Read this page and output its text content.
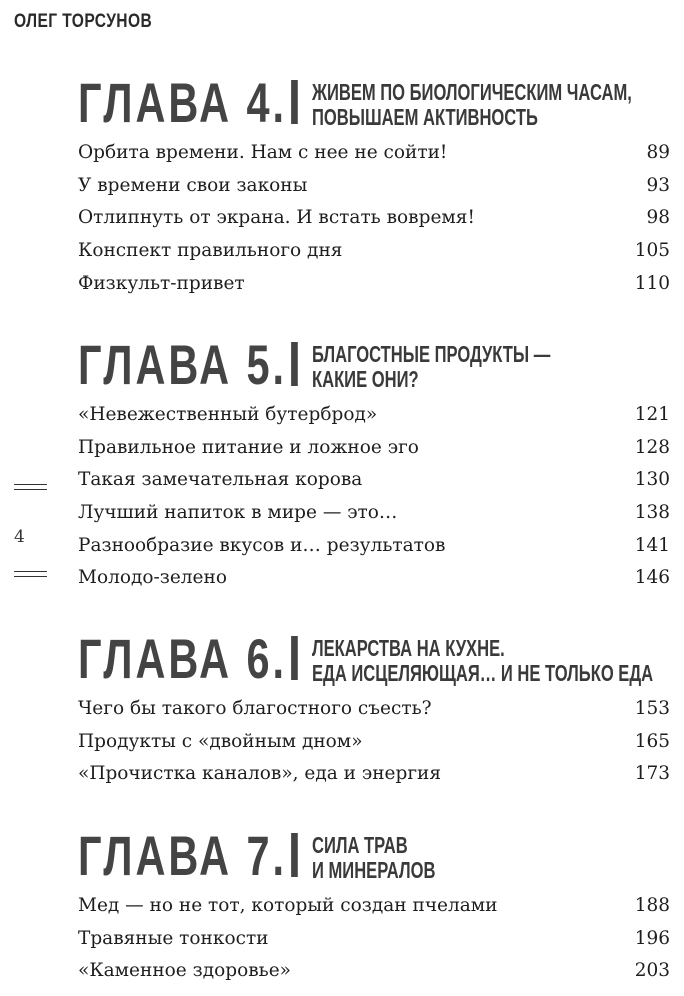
ОЛЕГ ТОРСУНОВ
ГЛАВА 4.	ЖИВЕМ ПО БИОЛОГИЧЕСКИМ ЧАСАМ,
ПОВЫШАЕМ АКТИВНОСТЬ
Орбита времени. Нам с нее не сойти!	89
У времени свои законы	93
Отлипнуть от экрана. И встать вовремя!	98
Конспект правильного дня	105
Физкульт-привет	110
ГЛАВА 5.	БЛАГОСТНЫЕ ПРОДУКТЫ —
КАКИЕ ОНИ?
«Невежественный бутерброд»	121
Правильное питание и ложное эго	128
Такая замечательная корова	130
Лучший напиток в мире — это…	138
Разнообразие вкусов и… результатов	141
Молодо-зелено	146
ГЛАВА 6.	ЛЕКАРСТВА НА КУХНЕ.
ЕДА ИСЦЕЛЯЮЩАЯ… И НЕ ТОЛЬКО ЕДА
Чего бы такого благостного съесть?	153
Продукты с «двойным дном»	165
«Прочистка каналов», еда и энергия	173
ГЛАВА 7.	СИЛА ТРАВ
И МИНЕРАЛОВ
Мед — но не тот, который создан пчелами	188
Травяные тонкости	196
«Каменное здоровье»	203
4
